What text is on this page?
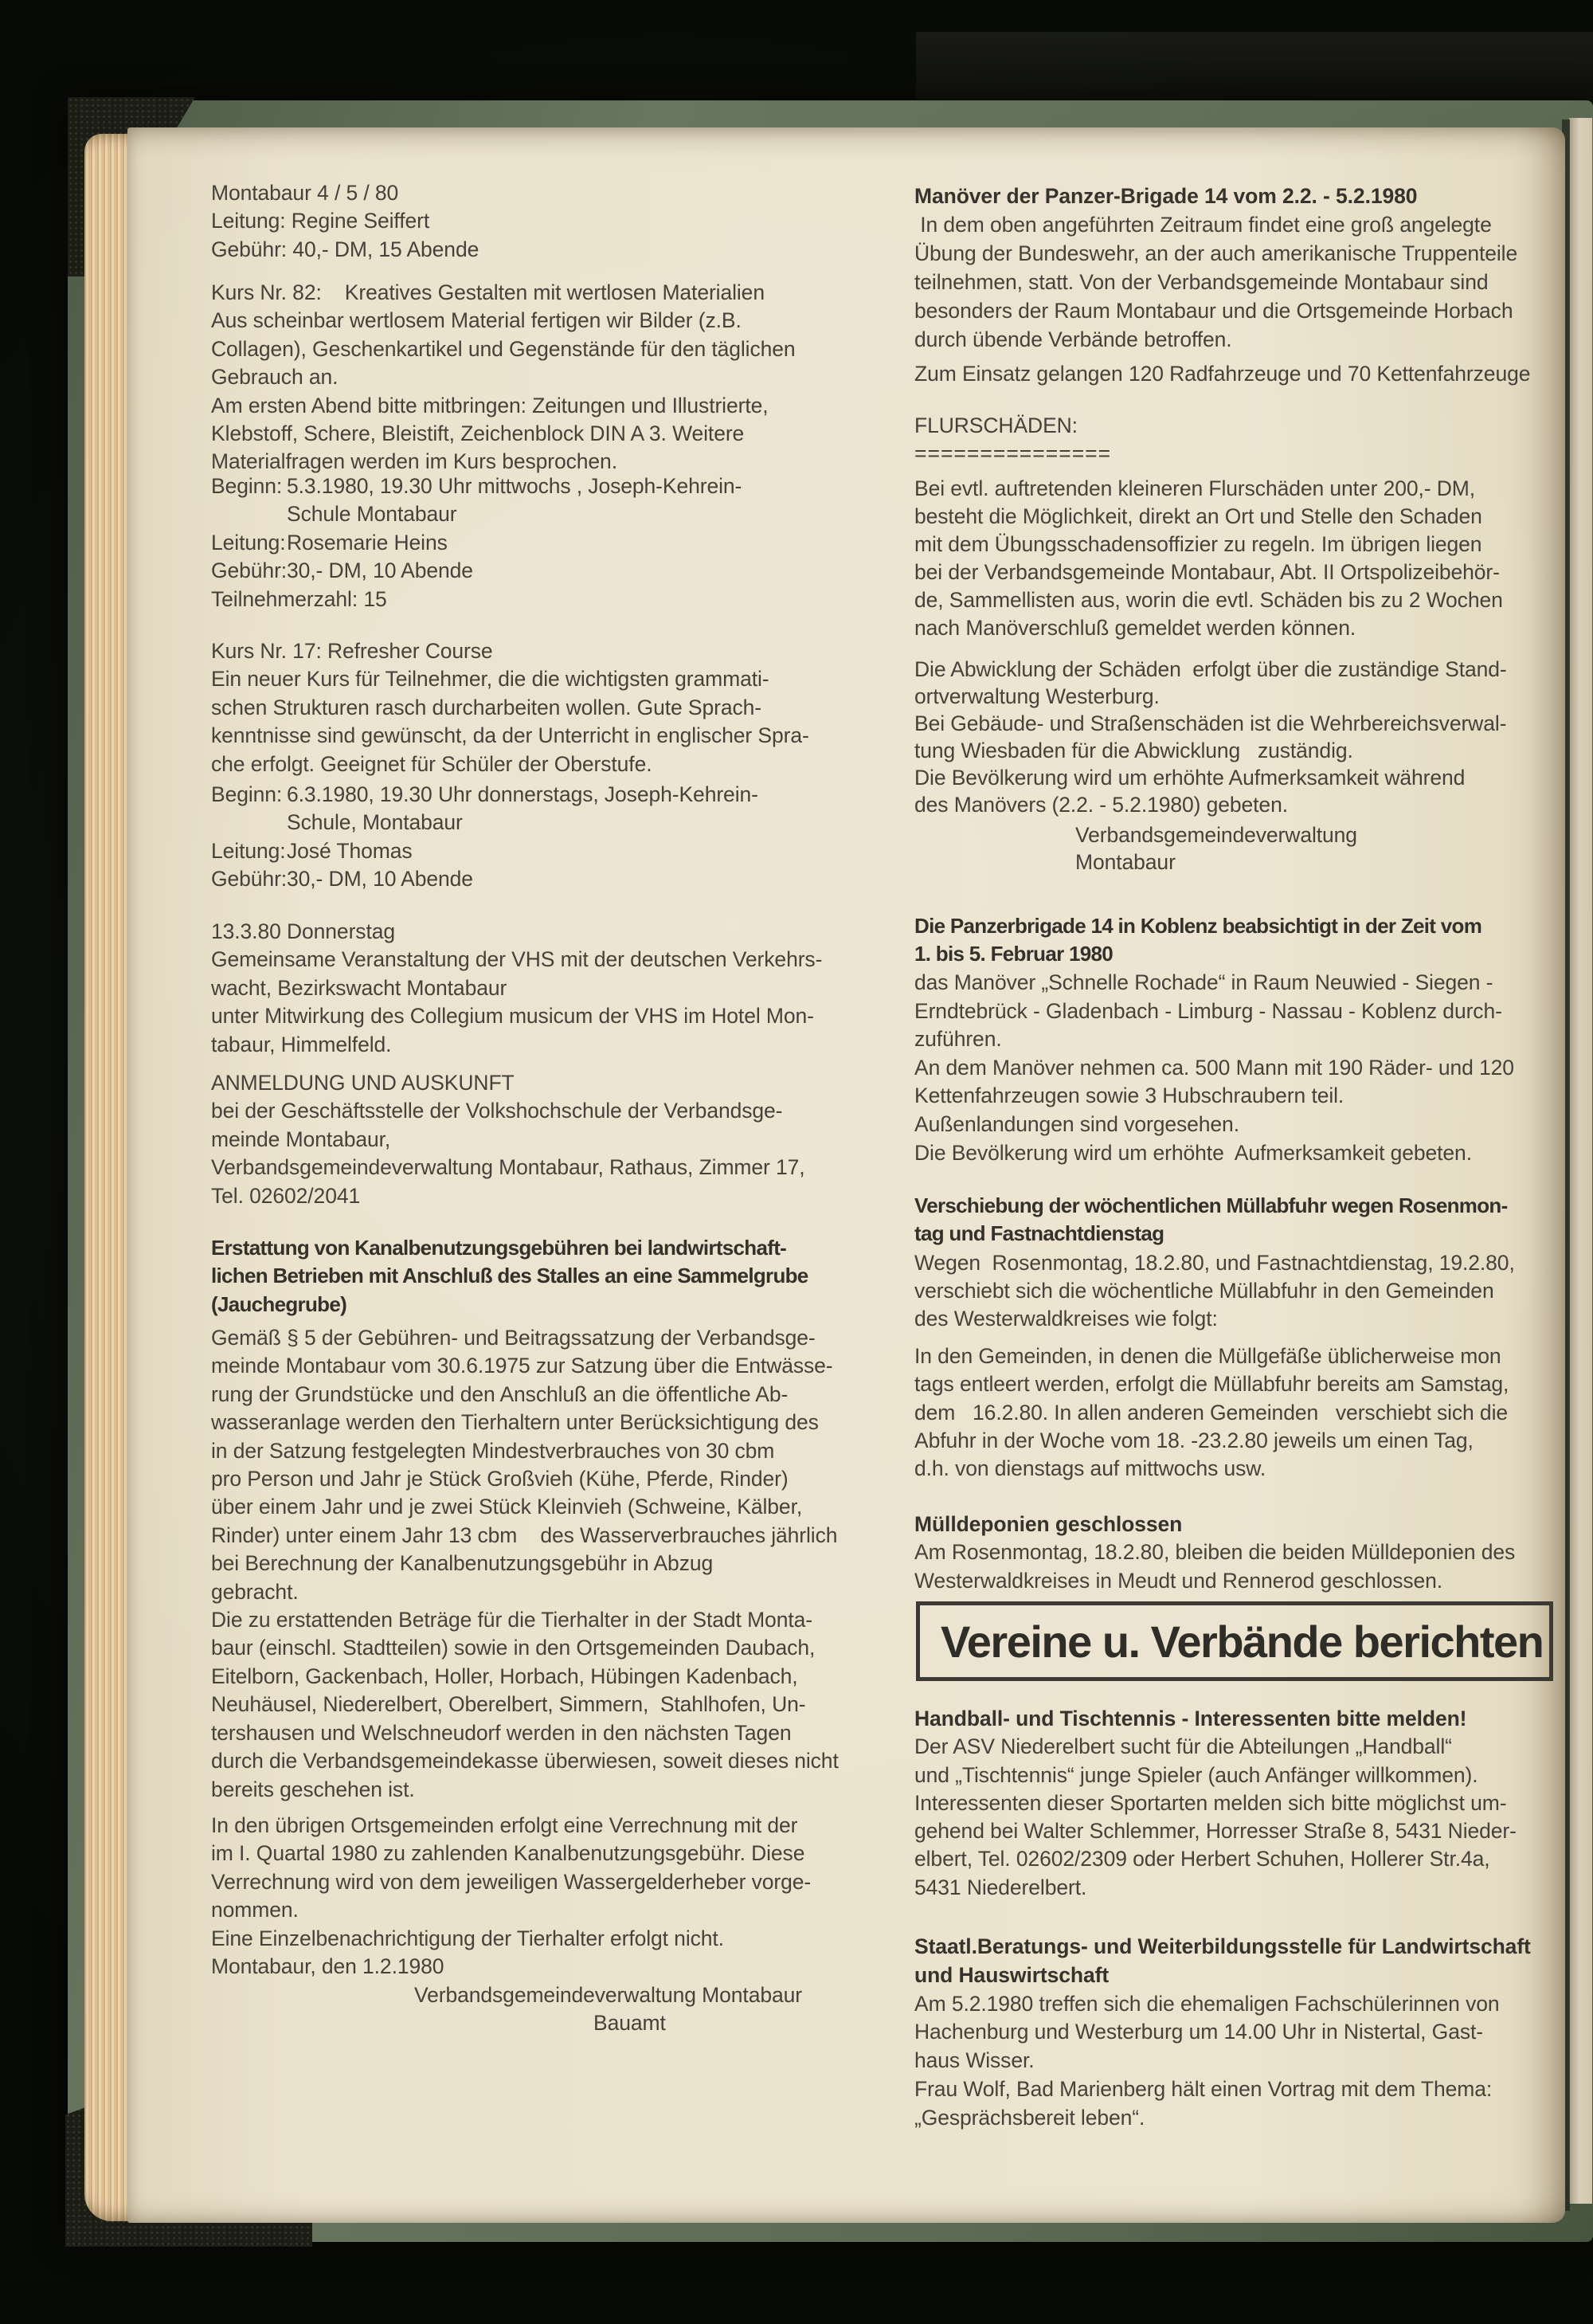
Vereine u. Verbände berichten
Montabaur 4 / 5 / 80
Leitung: Regine Seiffert
Gebühr: 40,- DM, 15 Abende
Kurs Nr. 82:    Kreatives Gestalten mit wertlosen Materialien
Aus scheinbar wertlosem Material fertigen wir Bilder (z.B.
Collagen), Geschenkartikel und Gegenstände für den täglichen
Gebrauch an.
Am ersten Abend bitte mitbringen: Zeitungen und Illustrierte,
Klebstoff, Schere, Bleistift, Zeichenblock DIN A 3. Weitere
Materialfragen werden im Kurs besprochen.
Beginn: 5.3.1980, 19.30 Uhr mittwochs , Joseph-Kehrein-
Schule Montabaur
Leitung: Rosemarie Heins
Gebühr: 30,- DM, 10 Abende
Teilnehmerzahl: 15
Kurs Nr. 17: Refresher Course
Ein neuer Kurs für Teilnehmer, die die wichtigsten grammati-
schen Strukturen rasch durcharbeiten wollen. Gute Sprach-
kenntnisse sind gewünscht, da der Unterricht in englischer Spra-
che erfolgt. Geeignet für Schüler der Oberstufe.
Beginn: 6.3.1980, 19.30 Uhr donnerstags, Joseph-Kehrein-
Schule, Montabaur
Leitung: José Thomas
Gebühr: 30,- DM, 10 Abende
13.3.80 Donnerstag
Gemeinsame Veranstaltung der VHS mit der deutschen Verkehrs-
wacht, Bezirkswacht Montabaur
unter Mitwirkung des Collegium musicum der VHS im Hotel Mon-
tabaur, Himmelfeld.
ANMELDUNG UND AUSKUNFT
bei der Geschäftsstelle der Volkshochschule der Verbandsge-
meinde Montabaur,
Verbandsgemeindeverwaltung Montabaur, Rathaus, Zimmer 17,
Tel. 02602/2041
Erstattung von Kanalbenutzungsgebühren bei landwirtschaft-
lichen Betrieben mit Anschluß des Stalles an eine Sammelgrube
(Jauchegrube)
Gemäß § 5 der Gebühren- und Beitragssatzung der Verbandsge-
meinde Montabaur vom 30.6.1975 zur Satzung über die Entwässe-
rung der Grundstücke und den Anschluß an die öffentliche Ab-
wasseranlage werden den Tierhaltern unter Berücksichtigung des
in der Satzung festgelegten Mindestverbrauches von 30 cbm
pro Person und Jahr je Stück Großvieh (Kühe, Pferde, Rinder)
über einem Jahr und je zwei Stück Kleinvieh (Schweine, Kälber,
Rinder) unter einem Jahr 13 cbm    des Wasserverbrauches jährlich
bei Berechnung der Kanalbenutzungsgebühr in Abzug
gebracht.
Die zu erstattenden Beträge für die Tierhalter in der Stadt Monta-
baur (einschl. Stadtteilen) sowie in den Ortsgemeinden Daubach,
Eitelborn, Gackenbach, Holler, Horbach, Hübingen Kadenbach,
Neuhäusel, Niederelbert, Oberelbert, Simmern,  Stahlhofen, Un-
tershausen und Welschneudorf werden in den nächsten Tagen
durch die Verbandsgemeindekasse überwiesen, soweit dieses nicht
bereits geschehen ist.
In den übrigen Ortsgemeinden erfolgt eine Verrechnung mit der
im I. Quartal 1980 zu zahlenden Kanalbenutzungsgebühr. Diese
Verrechnung wird von dem jeweiligen Wassergelderheber vorge-
nommen.
Eine Einzelbenachrichtigung der Tierhalter erfolgt nicht.
Montabaur, den 1.2.1980
Verbandsgemeindeverwaltung Montabaur
Bauamt
Manöver der Panzer-Brigade 14 vom 2.2. - 5.2.1980
In dem oben angeführten Zeitraum findet eine groß angelegte
Übung der Bundeswehr, an der auch amerikanische Truppenteile
teilnehmen, statt. Von der Verbandsgemeinde Montabaur sind
besonders der Raum Montabaur und die Ortsgemeinde Horbach
durch übende Verbände betroffen.
Zum Einsatz gelangen 120 Radfahrzeuge und 70 Kettenfahrzeuge
FLURSCHÄDEN:
===============
Bei evtl. auftretenden kleineren Flurschäden unter 200,- DM,
besteht die Möglichkeit, direkt an Ort und Stelle den Schaden
mit dem Übungsschadensoffizier zu regeln. Im übrigen liegen
bei der Verbandsgemeinde Montabaur, Abt. II Ortspolizeibehör-
de, Sammellisten aus, worin die evtl. Schäden bis zu 2 Wochen
nach Manöverschluß gemeldet werden können.
Die Abwicklung der Schäden  erfolgt über die zuständige Stand-
ortverwaltung Westerburg.
Bei Gebäude- und Straßenschäden ist die Wehrbereichsverwal-
tung Wiesbaden für die Abwicklung   zuständig.
Die Bevölkerung wird um erhöhte Aufmerksamkeit während
des Manövers (2.2. - 5.2.1980) gebeten.
Verbandsgemeindeverwaltung
Montabaur
Die Panzerbrigade 14 in Koblenz beabsichtigt in der Zeit vom
1. bis 5. Februar 1980
das Manöver „Schnelle Rochade“ in Raum Neuwied - Siegen -
Erndtebrück - Gladenbach - Limburg - Nassau - Koblenz durch-
zuführen.
An dem Manöver nehmen ca. 500 Mann mit 190 Räder- und 120
Kettenfahrzeugen sowie 3 Hubschraubern teil.
Außenlandungen sind vorgesehen.
Die Bevölkerung wird um erhöhte  Aufmerksamkeit gebeten.
Verschiebung der wöchentlichen Müllabfuhr wegen Rosenmon-
tag und Fastnachtdienstag
Wegen  Rosenmontag, 18.2.80, und Fastnachtdienstag, 19.2.80,
verschiebt sich die wöchentliche Müllabfuhr in den Gemeinden
des Westerwaldkreises wie folgt:
In den Gemeinden, in denen die Müllgefäße üblicherweise mon
tags entleert werden, erfolgt die Müllabfuhr bereits am Samstag,
dem   16.2.80. In allen anderen Gemeinden   verschiebt sich die
Abfuhr in der Woche vom 18. -23.2.80 jeweils um einen Tag,
d.h. von dienstags auf mittwochs usw.
Mülldeponien geschlossen
Am Rosenmontag, 18.2.80, bleiben die beiden Mülldeponien des
Westerwaldkreises in Meudt und Rennerod geschlossen.
Handball- und Tischtennis - Interessenten bitte melden!
Der ASV Niederelbert sucht für die Abteilungen „Handball“
und „Tischtennis“ junge Spieler (auch Anfänger willkommen).
Interessenten dieser Sportarten melden sich bitte möglichst um-
gehend bei Walter Schlemmer, Horresser Straße 8, 5431 Nieder-
elbert, Tel. 02602/2309 oder Herbert Schuhen, Hollerer Str.4a,
5431 Niederelbert.
Staatl.Beratungs- und Weiterbildungsstelle für Landwirtschaft
und Hauswirtschaft
Am 5.2.1980 treffen sich die ehemaligen Fachschülerinnen von
Hachenburg und Westerburg um 14.00 Uhr in Nistertal, Gast-
haus Wisser.
Frau Wolf, Bad Marienberg hält einen Vortrag mit dem Thema:
„Gesprächsbereit leben“.
